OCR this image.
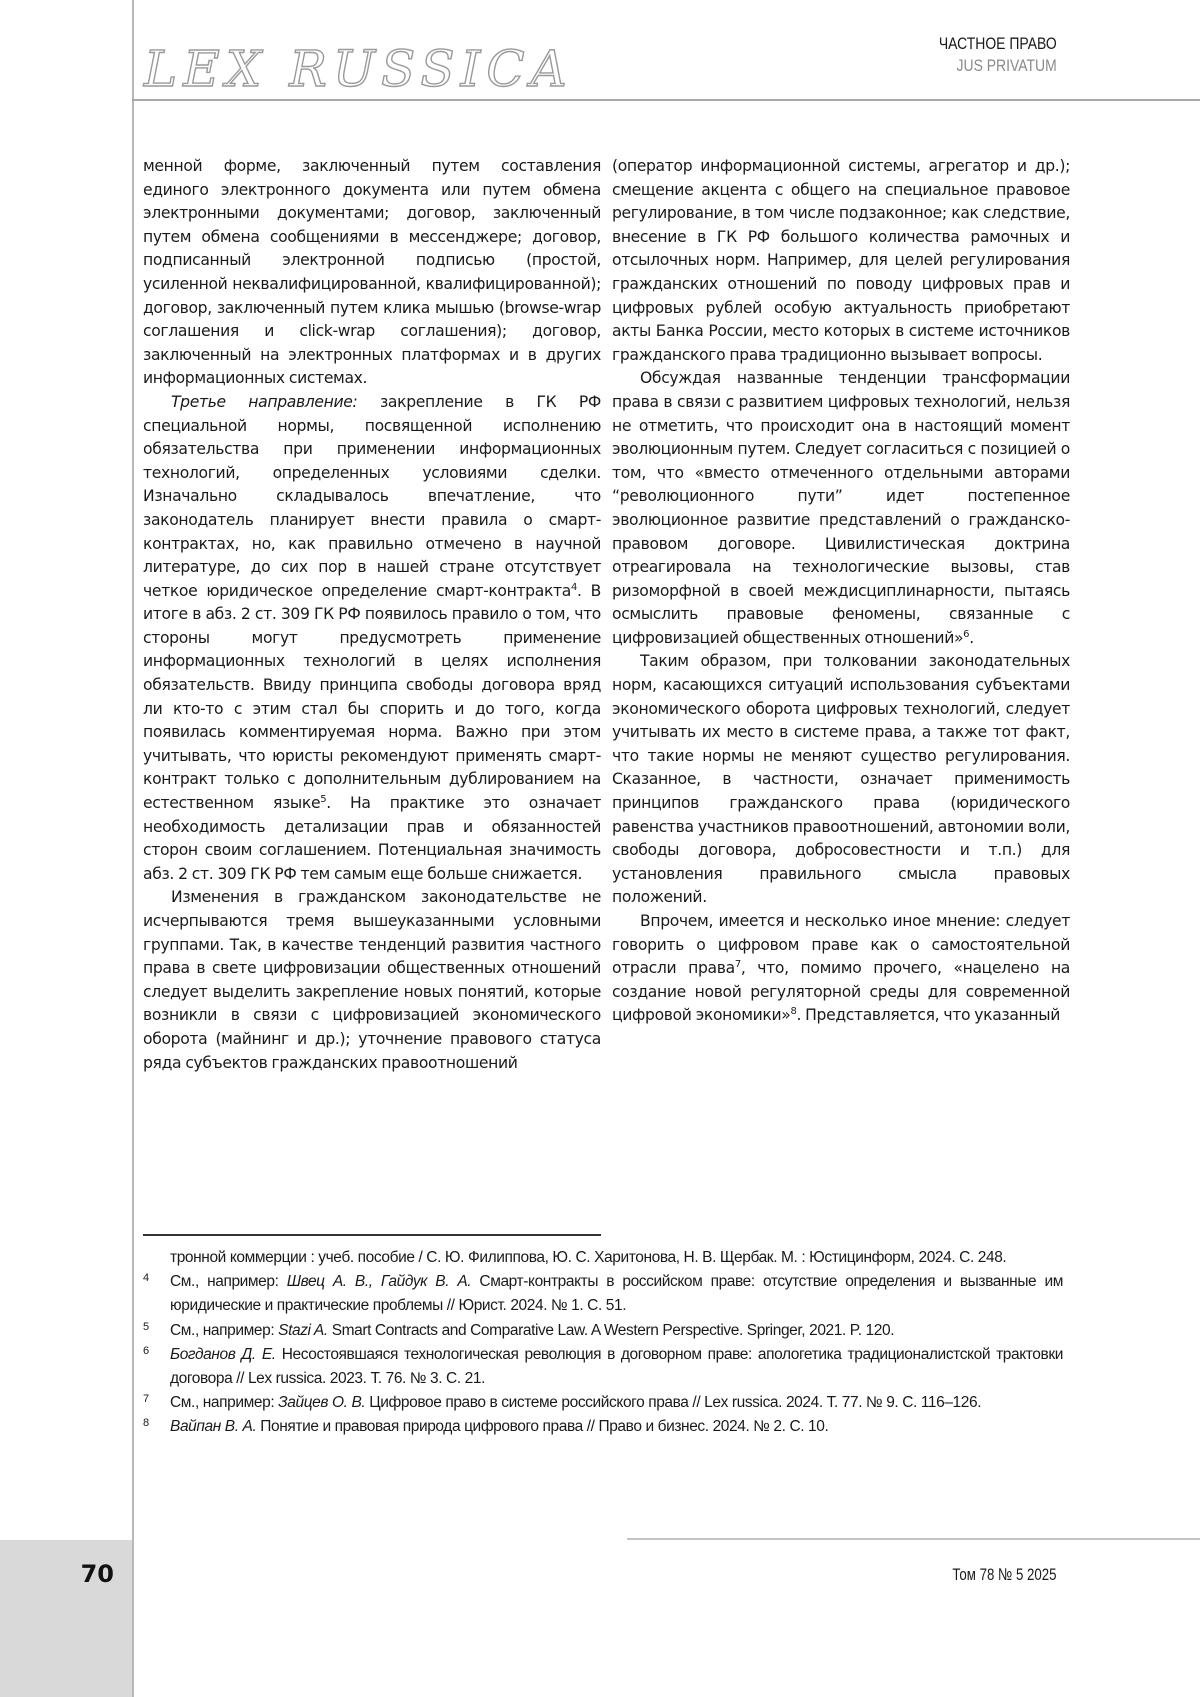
LEX RUSSICA	ЧАСТНОЕ ПРАВО
JUS PRIVATUM

менной форме, заключенный путем составления единого электронного документа или путем обмена электронными документами; договор, заключенный путем обмена сообщениями в мессенджере; договор, подписанный электронной подписью (простой, усиленной неквалифицированной, квалифицированной); договор, заключенный путем клика мышью (browse-wrap соглашения и click-wrap соглашения); договор, заключенный на электронных платформах и в других информационных системах.

Третье направление: закрепление в ГК РФ специальной нормы, посвященной исполнению обязательства при применении информационных технологий, определенных условиями сделки. Изначально складывалось впечатление, что законодатель планирует внести правила о смарт-контрактах, но, как правильно отмечено в научной литературе, до сих пор в нашей стране отсутствует четкое юридическое определение смарт-контракта$^4$. В итоге в абз. 2 ст. 309 ГК РФ появилось правило о том, что стороны могут предусмотреть применение информационных технологий в целях исполнения обязательств. Ввиду принципа свободы договора вряд ли кто-то с этим стал бы спорить и до того, когда появилась комментируемая норма. Важно при этом учитывать, что юристы рекомендуют применять смарт-контракт только с дополнительным дублированием на естественном языке$^5$. На практике это означает необходимость детализации прав и обязанностей сторон своим соглашением. Потенциальная значимость абз. 2 ст. 309 ГК РФ тем самым еще больше снижается.

Изменения в гражданском законодательстве не исчерпываются тремя вышеуказанными условными группами. Так, в качестве тенденций развития частного права в свете цифровизации общественных отношений следует выделить закрепление новых понятий, которые возникли в связи с цифровизацией экономического оборота (майнинг и др.); уточнение правового статуса ряда субъектов гражданских правоотношений

(оператор информационной системы, агрегатор и др.); смещение акцента с общего на специальное правовое регулирование, в том числе подзаконное; как следствие, внесение в ГК РФ большого количества рамочных и отсылочных норм. Например, для целей регулирования гражданских отношений по поводу цифровых прав и цифровых рублей особую актуальность приобретают акты Банка России, место которых в системе источников гражданского права традиционно вызывает вопросы.

Обсуждая названные тенденции трансформации права в связи с развитием цифровых технологий, нельзя не отметить, что происходит она в настоящий момент эволюционным путем. Следует согласиться с позицией о том, что «вместо отмеченного отдельными авторами “революционного пути” идет постепенное эволюционное развитие представлений о гражданско-правовом договоре. Цивилистическая доктрина отреагировала на технологические вызовы, став ризоморфной в своей междисциплинарности, пытаясь осмыслить правовые феномены, связанные с цифровизацией общественных отношений»$^6$.

Таким образом, при толковании законодательных норм, касающихся ситуаций использования субъектами экономического оборота цифровых технологий, следует учитывать их место в системе права, а также тот факт, что такие нормы не меняют существо регулирования. Сказанное, в частности, означает применимость принципов гражданского права (юридического равенства участников правоотношений, автономии воли, свободы договора, добросовестности и т.п.) для установления правильного смысла правовых положений.

Впрочем, имеется и несколько иное мнение: следует говорить о цифровом праве как о самостоятельной отрасли права$^7$, что, помимо прочего, «нацелено на создание новой регуляторной среды для современной цифровой экономики»$^8$. Представляется, что указанный

тронной коммерции : учеб. пособие / С. Ю. Филиппова, Ю. С. Харитонова, Н. В. Щербак. М. : Юстицинформ, 2024. С. 248.

4 См., например: Швец А. В., Гайдук В. А. Смарт-контракты в российском праве: отсутствие определения и вызванные им юридические и практические проблемы // Юрист. 2024. № 1. С. 51.

5 См., например: Stazi A. Smart Contracts and Comparative Law. A Western Perspective. Springer, 2021. P. 120.

6 Богданов Д. Е. Несостоявшаяся технологическая революция в договорном праве: апологетика традиционалистской трактовки договора // Lex russica. 2023. Т. 76. № 3. С. 21.

7 См., например: Зайцев О. В. Цифровое право в системе российского права // Lex russica. 2024. Т. 77. № 9. С. 116–126.

8 Вайпан В. А. Понятие и правовая природа цифрового права // Право и бизнес. 2024. № 2. С. 10.

70	Том 78 № 5 2025
